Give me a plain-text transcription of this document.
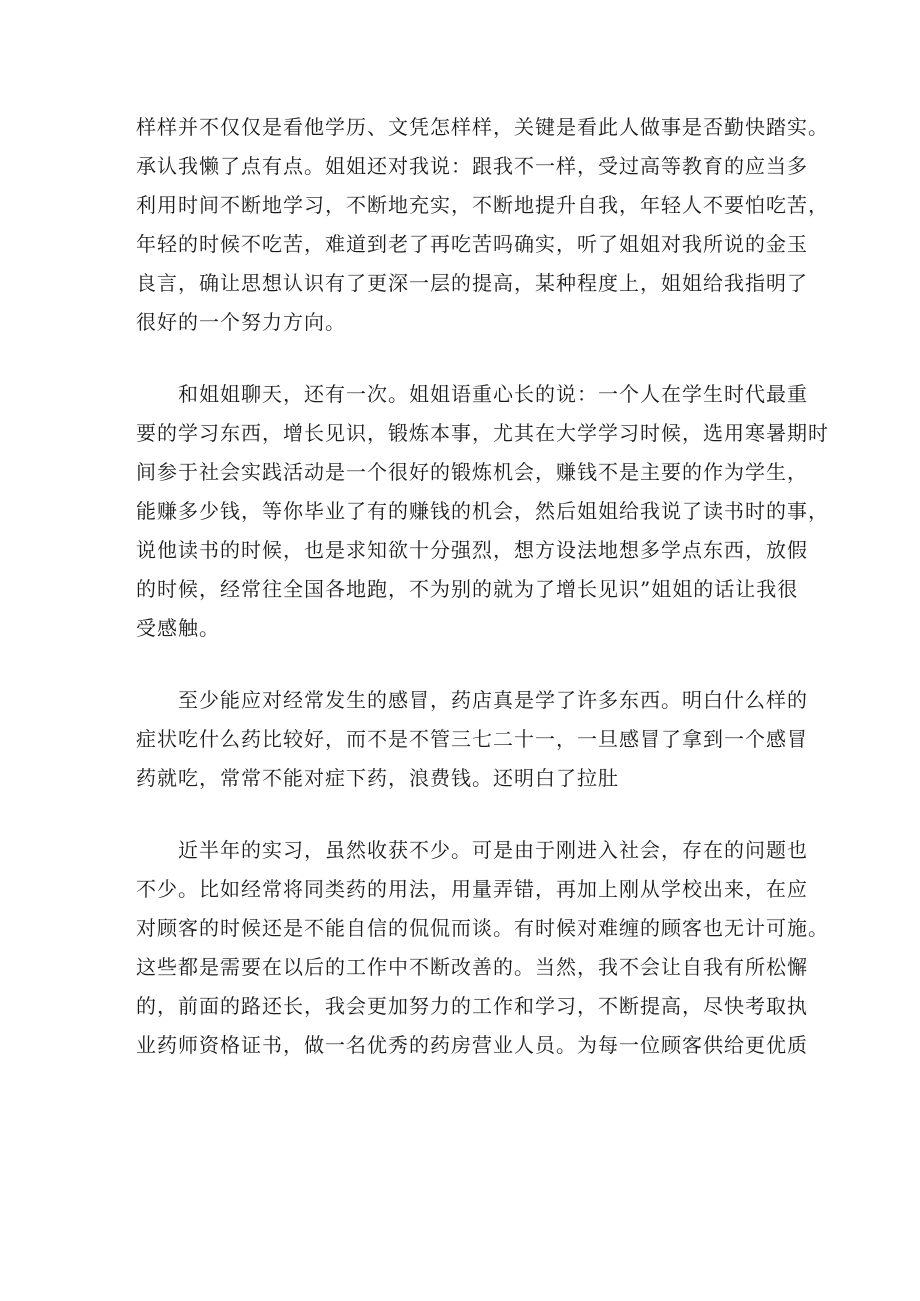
样样并不仅仅是看他学历、文凭怎样样，关键是看此人做事是否勤快踏实。
承认我懒了点有点。姐姐还对我说：跟我不一样，受过高等教育的应当多
利用时间不断地学习，不断地充实，不断地提升自我，年轻人不要怕吃苦，
年轻的时候不吃苦，难道到老了再吃苦吗确实，听了姐姐对我所说的金玉
良言，确让思想认识有了更深一层的提高，某种程度上，姐姐给我指明了
很好的一个努力方向。

　　和姐姐聊天，还有一次。姐姐语重心长的说：一个人在学生时代最重
要的学习东西，增长见识，锻炼本事，尤其在大学学习时候，选用寒暑期时
间参于社会实践活动是一个很好的锻炼机会，赚钱不是主要的作为学生，
能赚多少钱，等你毕业了有的赚钱的机会，然后姐姐给我说了读书时的事，
说他读书的时候，也是求知欲十分强烈，想方设法地想多学点东西，放假
的时候，经常往全国各地跑，不为别的就为了增长见识”姐姐的话让我很
受感触。

　　至少能应对经常发生的感冒，药店真是学了许多东西。明白什么样的
症状吃什么药比较好，而不是不管三七二十一，一旦感冒了拿到一个感冒
药就吃，常常不能对症下药，浪费钱。还明白了拉肚

　　近半年的实习，虽然收获不少。可是由于刚进入社会，存在的问题也
不少。比如经常将同类药的用法，用量弄错，再加上刚从学校出来，在应
对顾客的时候还是不能自信的侃侃而谈。有时候对难缠的顾客也无计可施。
这些都是需要在以后的工作中不断改善的。当然，我不会让自我有所松懈
的，前面的路还长，我会更加努力的工作和学习，不断提高，尽快考取执
业药师资格证书，做一名优秀的药房营业人员。为每一位顾客供给更优质
